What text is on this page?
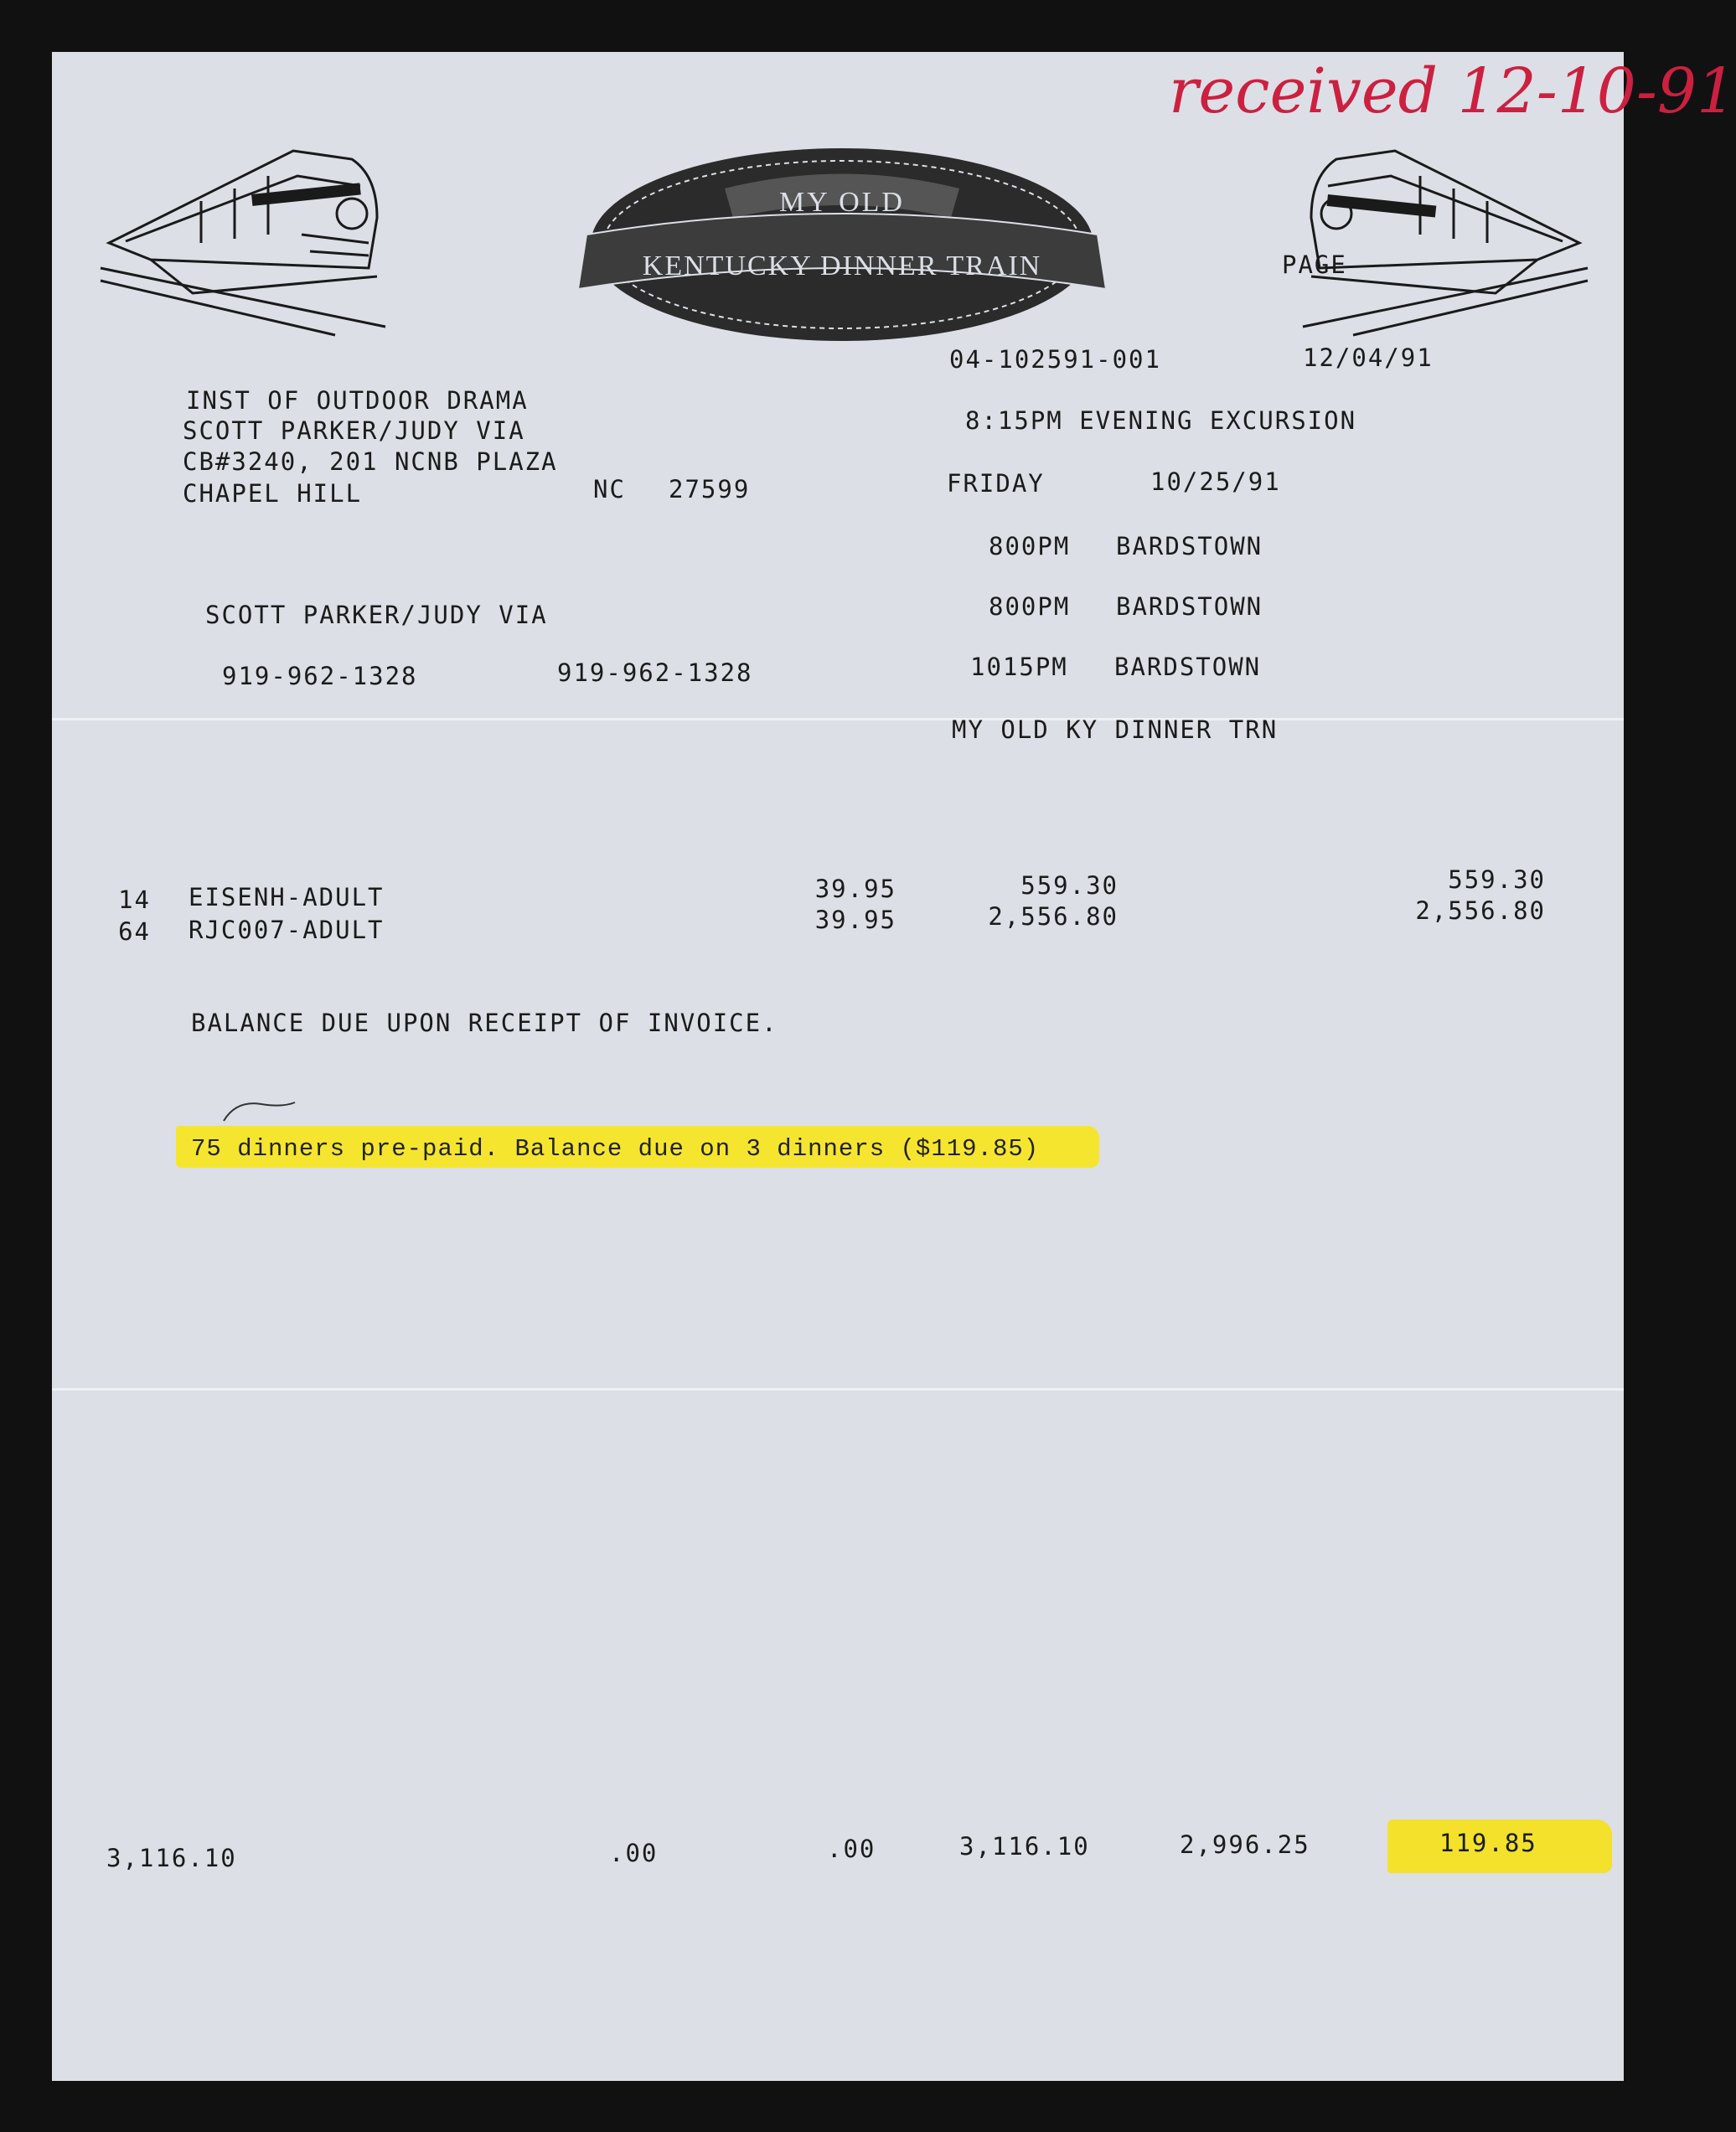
received 12-10-91
MY OLD
KENTUCKY DINNER TRAIN	PAGE
04-102591-001	12/04/91
INST OF OUTDOOR DRAMA
SCOTT PARKER/JUDY VIA
CB#3240, 201 NCNB PLAZA
CHAPEL HILL	NC 27599
SCOTT PARKER/JUDY VIA
919-962-1328	919-962-1328
8:15PM EVENING EXCURSION
FRIDAY	10/25/91
800PM BARDSTOWN
800PM BARDSTOWN
1015PM BARDSTOWN
MY OLD KY DINNER TRN
14 EISENH-ADULT	39.95	559.30	559.30
64 RJC007-ADULT	39.95	2,556.80	2,556.80
BALANCE DUE UPON RECEIPT OF INVOICE.
75 dinners pre-paid. Balance due on 3 dinners ($119.85)
3,116.10	.00	.00	3,116.10	2,996.25	119.85
